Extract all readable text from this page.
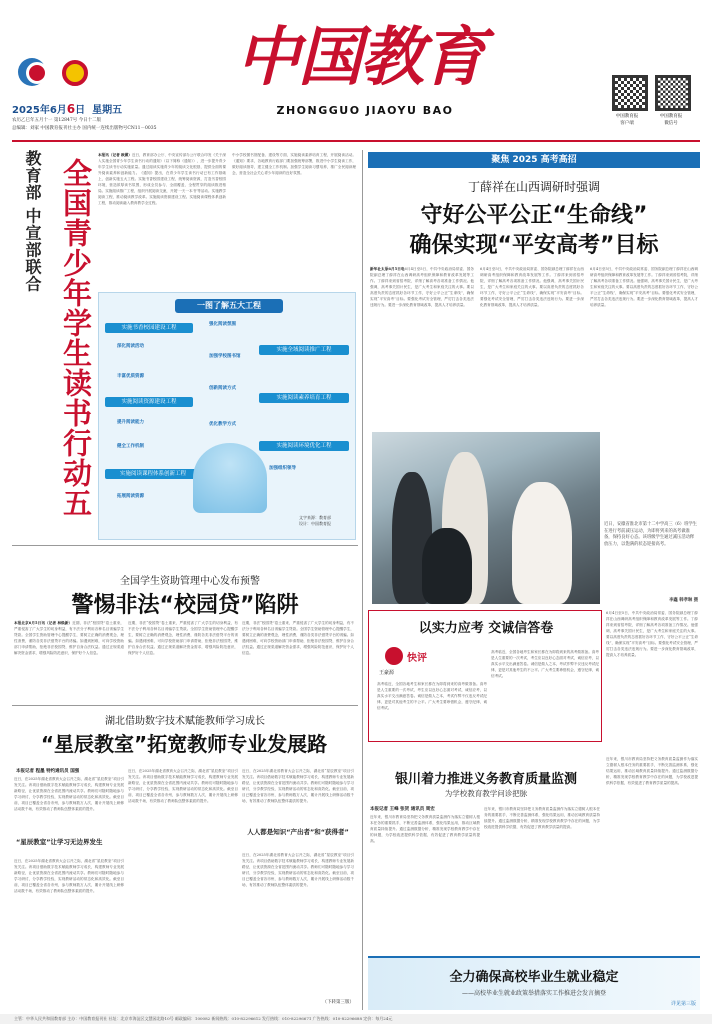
2025年6月6日 星期五
农历乙巳年五月十一 第12847号 今日十二版
总编辑：刘家 中国教育报刊社主办 国内统一连续出版物号CN11－0035
中国教育
ZHONGGUO JIAOYU BAO	中国教育报
客户端
中国教育报
微信号
教育部 中宣部联合
全国青少年学生读书行动五
本报讯（记者 欧媚）近日，教育部办公厅、中央宣传部办公厅联合印发《关于深入实施全国青少年学生读书行动的通知》（以下简称《通知》），进一步提升青少年学生读书行动实施质量。通过阅读实施青少年的阅读文化根基，提供全面的课外阅读素养和创新能力。《通知》提出，在青少年学生读书行动已有工作基础上，创新实施五大工程。实施书香校园建设工程，统筹阅读资源，打造书香校园环境，营造浓厚读书氛围，形成全员参与、全面覆盖、全程贯穿的阅读推进格局。实施阅读推广工程，组织开展阅读交流，开展'一天一本书'等活动。实施教学阅读工程，推动阅读教学改革。实施阅读资源建设工程。实施阅读课程体系创新工程，推动阅读融入教育教学全过程。
中小学校图书馆配备、建设等方面，实施阅读素养培育工程，开展阅读活动。《通知》要求，各地教育行政部门要加强统筹部署，推进中小学生阅读工作，做好阅读指导，建立健全工作机制。加强学生阅读习惯培养，推广全民阅读理念，营造全社会关心青少年阅读的良好氛围。
一图了解五大工程
实施书香校园建设工程
实施全域阅读推广工程
实施阅读资源建设工程
实施阅读素养培育工程
实施阅读课程体系创新工程
实施阅读环境优化工程
强化阅读氛围
深化阅读活动
加强学校图书馆
丰富优质资源
创新阅读方式
提升阅读能力	优化教学方式
加强组织领导
健全工作机制
拓展阅读资源
文字来源：教育部
设计：中国教育报
全国学生资助管理中心发布预警
警惕非法“校园贷”陷阱
本报北京6月5日讯（记者 林焕新）近期，非法“校园贷”卷土重来，严重侵害了广大学生的切身利益，有不法分子利用各种名目诱骗学生贷款。全国学生资助管理中心提醒学生，要树立正确的消费观念，理性消费，谨防各类非法借贷平台的诱骗。如遇到困难，可向学校资助部门申请帮助，拒绝非法校园贷，维护自身合法权益。通过正规渠道解决资金需求，增强风险防范意识，保护好个人信息。
近期，非法“校园贷”卷土重来，严重侵害了广大学生的切身利益，有不法分子利用各种名目诱骗学生贷款。全国学生资助管理中心提醒学生，要树立正确的消费观念，理性消费，谨防各类非法借贷平台的诱骗。如遇到困难，可向学校资助部门申请帮助，拒绝非法校园贷，维护自身合法权益。通过正规渠道解决资金需求，增强风险防范意识，保护好个人信息。
近期，非法“校园贷”卷土重来，严重侵害了广大学生的切身利益，有不法分子利用各种名目诱骗学生贷款。全国学生资助管理中心提醒学生，要树立正确的消费观念，理性消费，谨防各类非法借贷平台的诱骗。如遇到困难，可向学校资助部门申请帮助，拒绝非法校园贷，维护自身合法权益。通过正规渠道解决资金需求，增强风险防范意识，保护好个人信息。
湖北借助数字技术赋能教师学习成长
“星辰教室”拓宽教师专业发展路
本报记者 程墨 特约通讯员 国强
近日，在2025年湖北省教育大会召开之际，湖北省“星辰教室”项目引发关注。该项目借助数字技术赋能教师学习成长，构建教师专业发展新路径，让优质资源在全省范围内流动共享。教师们可随时随地参与学习研讨，分享教学经验，实现教研活动的常态化和高效化。截至目前，项目已覆盖全省各市州，参与教师数万人次，累计开展线上研修活动数千场，有效推动了教师队伍整体素质的提升。
“星辰教室”让学习无边界发生
近日，在2025年湖北省教育大会召开之际，湖北省“星辰教室”项目引发关注。该项目借助数字技术赋能教师学习成长，构建教师专业发展新路径，让优质资源在全省范围内流动共享。教师们可随时随地参与学习研讨，分享教学经验，实现教研活动的常态化和高效化。截至目前，项目已覆盖全省各市州，参与教师数万人次，累计开展线上研修活动数千场，有效推动了教师队伍整体素质的提升。
近日，在2025年湖北省教育大会召开之际，湖北省“星辰教室”项目引发关注。该项目借助数字技术赋能教师学习成长，构建教师专业发展新路径，让优质资源在全省范围内流动共享。教师们可随时随地参与学习研讨，分享教学经验，实现教研活动的常态化和高效化。截至目前，项目已覆盖全省各市州，参与教师数万人次，累计开展线上研修活动数千场，有效推动了教师队伍整体素质的提升。
近日，在2025年湖北省教育大会召开之际，湖北省“星辰教室”项目引发关注。该项目借助数字技术赋能教师学习成长，构建教师专业发展新路径，让优质资源在全省范围内流动共享。教师们可随时随地参与学习研讨，分享教学经验，实现教研活动的常态化和高效化。截至目前，项目已覆盖全省各市州，参与教师数万人次，累计开展线上研修活动数千场，有效推动了教师队伍整体素质的提升。
人人都是知识“产出者”和“获得者”
近日，在2025年湖北省教育大会召开之际，湖北省“星辰教室”项目引发关注。该项目借助数字技术赋能教师学习成长，构建教师专业发展新路径，让优质资源在全省范围内流动共享。教师们可随时随地参与学习研讨，分享教学经验，实现教研活动的常态化和高效化。截至目前，项目已覆盖全省各市州，参与教师数万人次，累计开展线上研修活动数千场，有效推动了教师队伍整体素质的提升。
（下转第三版）
聚焦 2025 高考高招
丁薛祥在山西调研时强调
守好公平公正“生命线”
确保实现“平安高考”目标
新华社太原6月5日电6月4日至5日，中共中央政治局常委、国务院副总理丁薛祥在山西调研高考组织保障和教育改革发展等工作。丁薛祥来到省招考院，详细了解高考各项准备工作情况。他强调，高考事关国计民生，是广大考生和家庭关注的大事。要以高度负责的态度抓好各环节工作，守好公平公正“生命线”，确保实现“平安高考”目标。要强化考试安全管理，严厉打击各类违法违规行为。要进一步深化教育领域改革，提高人才培养质量。
6月4日至5日，中共中央政治局常委、国务院副总理丁薛祥在山西调研高考组织保障和教育改革发展等工作。丁薛祥来到省招考院，详细了解高考各项准备工作情况。他强调，高考事关国计民生，是广大考生和家庭关注的大事。要以高度负责的态度抓好各环节工作，守好公平公正“生命线”，确保实现“平安高考”目标。要强化考试安全管理，严厉打击各类违法违规行为。要进一步深化教育领域改革，提高人才培养质量。
6月4日至5日，中共中央政治局常委、国务院副总理丁薛祥在山西调研高考组织保障和教育改革发展等工作。丁薛祥来到省招考院，详细了解高考各项准备工作情况。他强调，高考事关国计民生，是广大考生和家庭关注的大事。要以高度负责的态度抓好各环节工作，守好公平公正“生命线”，确保实现“平安高考”目标。要强化考试安全管理，严厉打击各类违法违规行为。要进一步深化教育领域改革，提高人才培养质量。
近日，安徽省淮北市第十二中学高三（6）班学生在进行考前减压运动，为即将到来的高考做准备，保持良好心态。该班级学生通过减压活动释放压力，以饱满的状态迎接高考。
李鑫 韩孝琳 摄
以实力应考 交诚信答卷
快评
王豪源
高考临近，全国各地考生和家长都在为即将到来的高考做准备。高考是人生重要的一次考试，考生应以良好心态面对考试，诚信应考，以真实水平交出满意答卷。诚信是做人之本，考试作弊不仅违反考试纪律，更是对其他考生的不公平。广大考生要珍惜机会，遵守纪律，诚信考试。
高考临近，全国各地考生和家长都在为即将到来的高考做准备。高考是人生重要的一次考试，考生应以良好心态面对考试，诚信应考，以真实水平交出满意答卷。诚信是做人之本，考试作弊不仅违反考试纪律，更是对其他考生的不公平。广大考生要珍惜机会，遵守纪律，诚信考试。
6月4日至5日，中共中央政治局常委、国务院副总理丁薛祥在山西调研高考组织保障和教育改革发展等工作。丁薛祥来到省招考院，详细了解高考各项准备工作情况。他强调，高考事关国计民生，是广大考生和家庭关注的大事。要以高度负责的态度抓好各环节工作，守好公平公正“生命线”，确保实现“平安高考”目标。要强化考试安全管理，严厉打击各类违法违规行为。要进一步深化教育领域改革，提高人才培养质量。
银川着力推进义务教育质量监测
为学校教育教学问诊把脉
本报记者 王峰 张贺 通讯员 周宏
近年来，银川市教育局坚持把义务教育质量监测作为落实立德树人根本任务的重要抓手，不断完善监测体系，强化结果运用，推动区域教育质量持续提升。通过监测数据分析，精准发现学校教育教学中存在的问题，为学校改进提供科学依据，有效促进了教育教学质量的提高。
近年来，银川市教育局坚持把义务教育质量监测作为落实立德树人根本任务的重要抓手，不断完善监测体系，强化结果运用，推动区域教育质量持续提升。通过监测数据分析，精准发现学校教育教学中存在的问题，为学校改进提供科学依据，有效促进了教育教学质量的提高。
近年来，银川市教育局坚持把义务教育质量监测作为落实立德树人根本任务的重要抓手，不断完善监测体系，强化结果运用，推动区域教育质量持续提升。通过监测数据分析，精准发现学校教育教学中存在的问题，为学校改进提供科学依据，有效促进了教育教学质量的提高。
全力确保高校毕业生就业稳定
——高校毕业生就业政策举措落实工作推进会发言摘登
详见第三版
主管：中华人民共和国教育部 主办：中国教育报刊社 社址：北京市海淀区文慧园北路10号 邮政编码：100082 新闻热线：010-82296612 发行热线：010-82296671 广告热线：010-82296688 定价：每月24元
